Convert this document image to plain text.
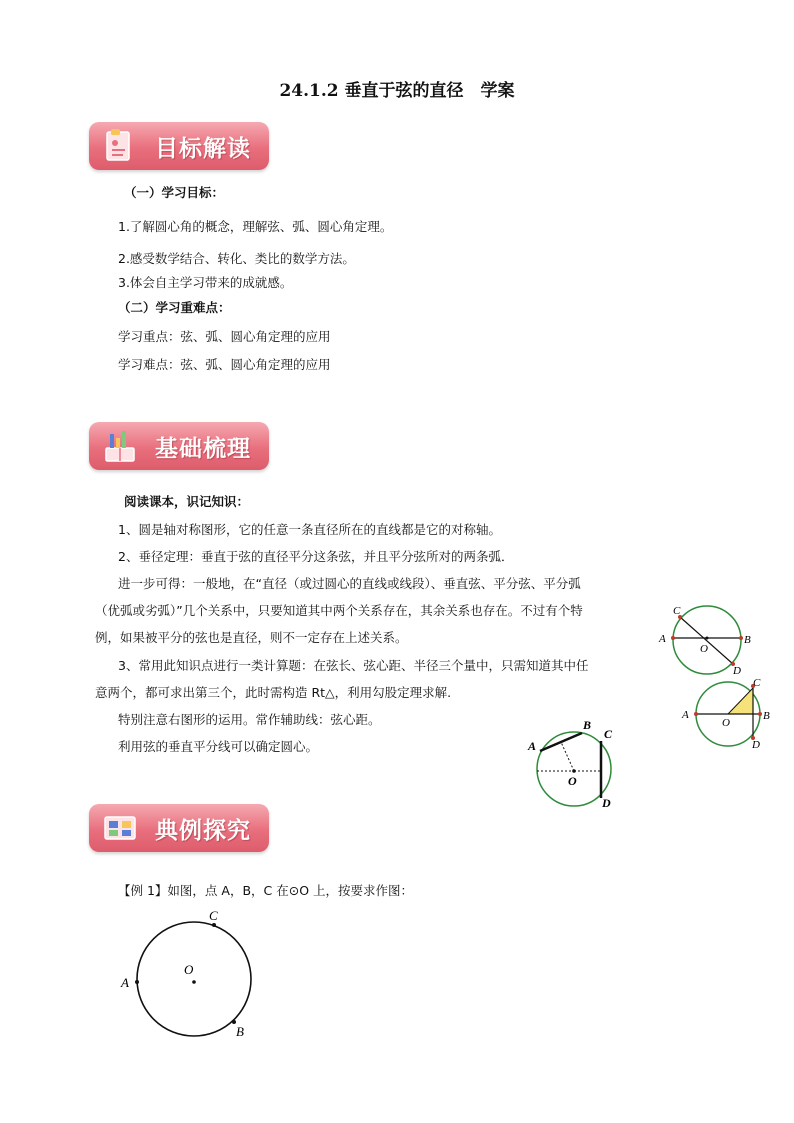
24.1.2 垂直于弦的直径　学案
目标解读
（一）学习目标：
1.了解圆心角的概念，理解弦、弧、圆心角定理。
2.感受数学结合、转化、类比的数学方法。
3.体会自主学习带来的成就感。
（二）学习重难点：
学习重点：弦、弧、圆心角定理的应用
学习难点：弦、弧、圆心角定理的应用
基础梳理
阅读课本，识记知识：
1、圆是轴对称图形，它的任意一条直径所在的直线都是它的对称轴。
2、垂径定理：垂直于弦的直径平分这条弦，并且平分弦所对的两条弧．
进一步可得：一般地，在“直径（或过圆心的直线或线段）、垂直弦、平分弦、平分弧
（优弧或劣弧）”几个关系中，只要知道其中两个关系存在，其余关系也存在。不过有个特
例，如果被平分的弦也是直径，则不一定存在上述关系。
3、常用此知识点进行一类计算题：在弦长、弦心距、半径三个量中，只需知道其中任
意两个，都可求出第三个，此时需构造 Rt△，利用勾股定理求解.
特别注意右图形的运用。常作辅助线：弦心距。
利用弦的垂直平分线可以确定圆心。
A	B
C
D
O
A	B
C
D
O
A
B
C
D
O
典例探究
【例 1】如图，点 A，B，C 在⊙O 上，按要求作图：
A
B
C
O
